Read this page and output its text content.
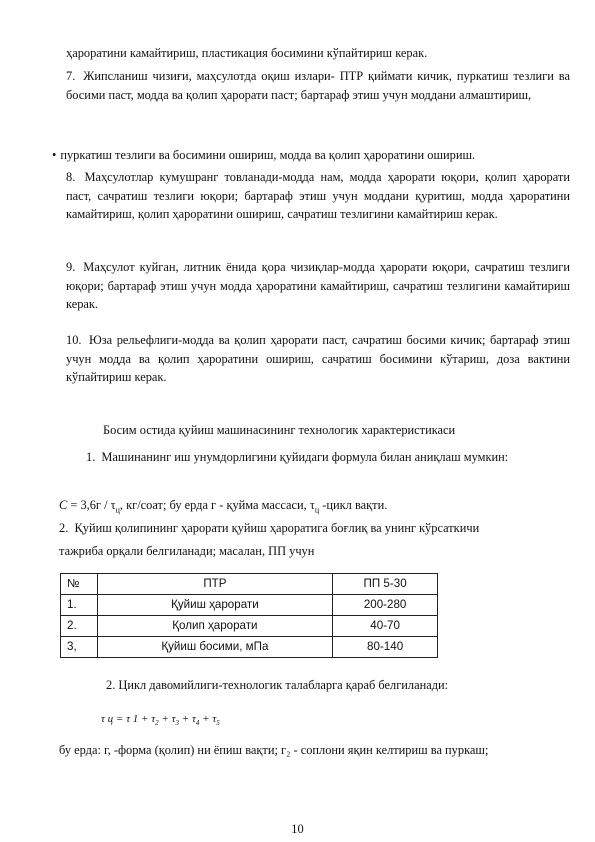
ҳароратини камайтириш, пластикация босимини кўпайтириш керак.

7. Жипсланиш чизиғи, маҳсулотда оқиш излари- ПТР қиймати кичик, пуркатиш тезлиги ва босими паст, модда ва қолип ҳарорати паст; бартараф этиш учун моддани алмаштириш,

• пуркатиш тезлиги ва босимини ошириш, модда ва қолип ҳароратини ошириш.

8. Маҳсулотлар кумушранг товланади-модда нам, модда ҳарорати юқори, қолип ҳарорати паст, сачратиш тезлиги юқори; бартараф этиш учун моддани қуритиш, модда ҳароратини камайтириш, қолип ҳароратини ошириш, сачратиш тезлигини камайтириш керак.

9. Маҳсулот куйган, литник ёнида қора чизиқлар-модда ҳарорати юқори, сачратиш тезлиги юқори; бартараф этиш учун модда ҳароратини камайтириш, сачратиш тезлигини камайтириш керак.

10. Юза рельефлиги-модда ва қолип ҳарорати паст, сачратиш босими кичик; бартараф этиш учун модда ва қолип ҳароратини ошириш, сачратиш босимини кўтариш, доза вактини кўпайтириш керак.

Босим остида қуйиш машинасининг технологик характеристикаси

1. Машинанинг иш унумдорлигини қуйидаги формула билан аниқлаш мумкин:

$C = 3,6г / \tau_ц$, кг/соат; бу ерда г - қуйма массаси, $\tau_ц$ -цикл вақти.

2. Қуйиш қолипининг ҳарорати қуйиш ҳароратига боғлиқ ва унинг кўрсаткичи

тажриба орқали белгиланади; масалан, ПП учун

№	ПТР	ПП 5-30
1.	Қуйиш ҳарорати	200-280
2.	Қолип ҳарорати	40-70
3,	Қуйиш босими, мПа	80-140

2. Цикл давомийлиги-технологик талабларга қараб белгиланади:

τ ц = τ $1 + \tau_2 + \tau_3 + \tau_4 + \tau_5$

бу ерда: г, -форма (қолип) ни ёпиш вақти; г₂ - соплони яқин келтириш ва пуркаш;

10
